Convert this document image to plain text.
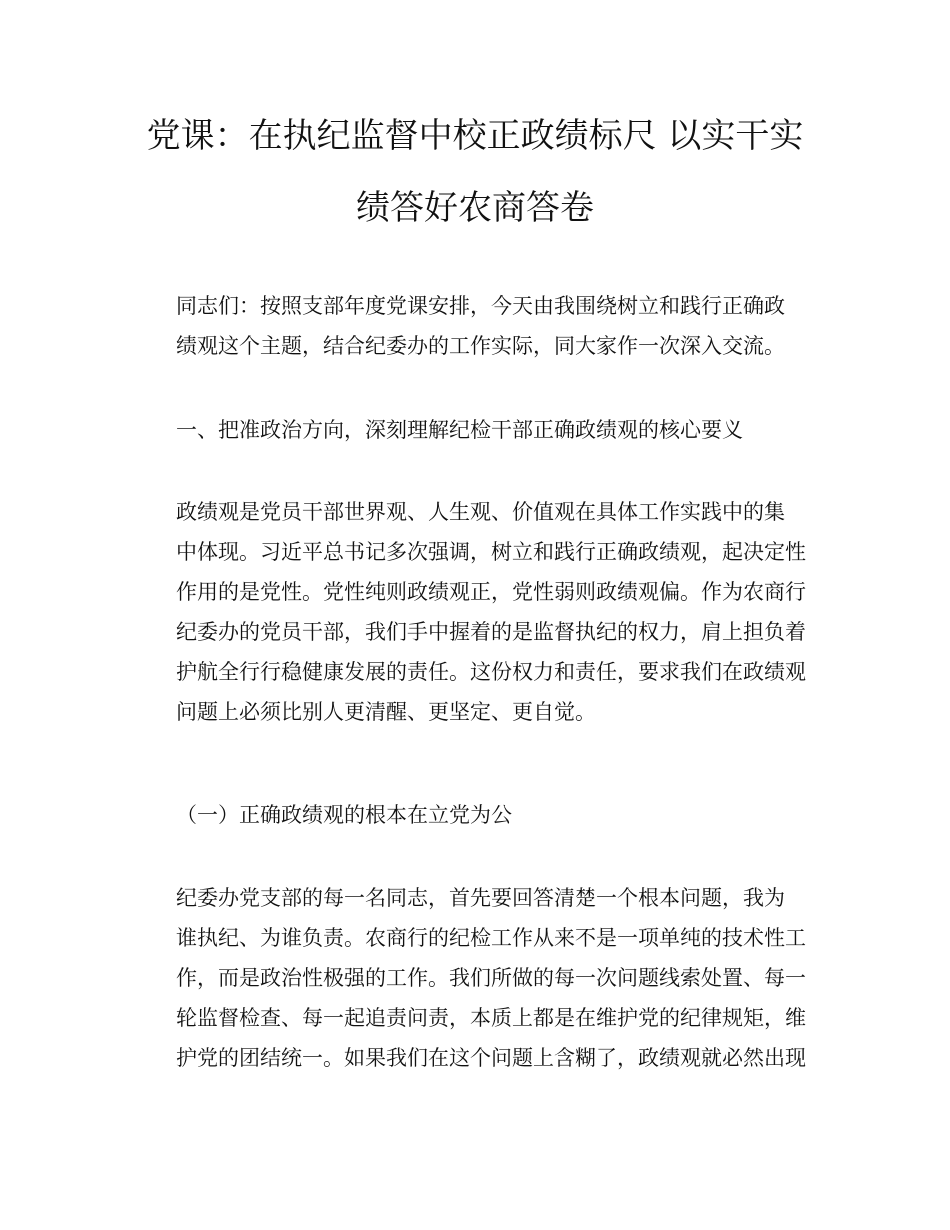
党课：在执纪监督中校正政绩标尺 以实干实
绩答好农商答卷
同志们：按照支部年度党课安排，今天由我围绕树立和践行正确政
绩观这个主题，结合纪委办的工作实际，同大家作一次深入交流。
一、把准政治方向，深刻理解纪检干部正确政绩观的核心要义
政绩观是党员干部世界观、人生观、价值观在具体工作实践中的集
中体现。习近平总书记多次强调，树立和践行正确政绩观，起决定性
作用的是党性。党性纯则政绩观正，党性弱则政绩观偏。作为农商行
纪委办的党员干部，我们手中握着的是监督执纪的权力，肩上担负着
护航全行行稳健康发展的责任。这份权力和责任，要求我们在政绩观
问题上必须比别人更清醒、更坚定、更自觉。
（一）正确政绩观的根本在立党为公
纪委办党支部的每一名同志，首先要回答清楚一个根本问题，我为
谁执纪、为谁负责。农商行的纪检工作从来不是一项单纯的技术性工
作，而是政治性极强的工作。我们所做的每一次问题线索处置、每一
轮监督检查、每一起追责问责，本质上都是在维护党的纪律规矩，维
护党的团结统一。如果我们在这个问题上含糊了，政绩观就必然出现
